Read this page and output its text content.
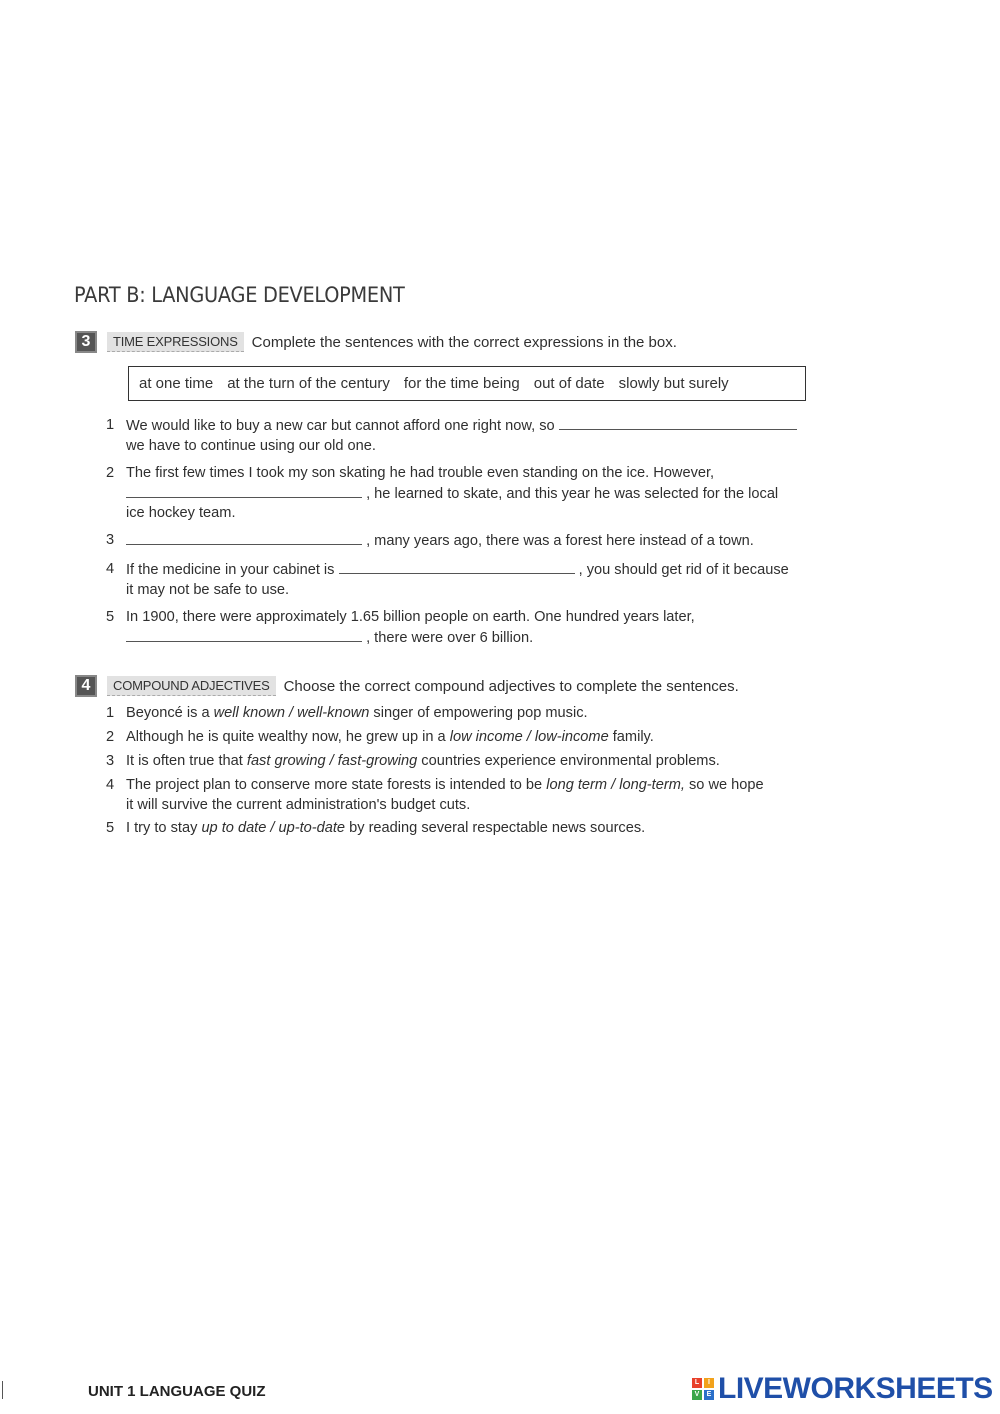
PART B: LANGUAGE DEVELOPMENT
3	TIME EXPRESSIONS Complete the sentences with the correct expressions in the box.
at one time at the turn of the century for the time being out of date slowly but surely
1 We would like to buy a new car but cannot afford one right now, so
we have to continue using our old one.
2 The first few times I took my son skating he had trouble even standing on the ice. However,
, he learned to skate, and this year he was selected for the local
ice hockey team.
3	, many years ago, there was a forest here instead of a town.
4 If the medicine in your cabinet is	, you should get rid of it because
it may not be safe to use.
5 In 1900, there were approximately 1.65 billion people on earth. One hundred years later,
, there were over 6 billion.
4	COMPOUND ADJECTIVES Choose the correct compound adjectives to complete the sentences.
1 Beyoncé is a well known / well-known singer of empowering pop music.
2 Although he is quite wealthy now, he grew up in a low income / low-income family.
3 It is often true that fast growing / fast-growing countries experience environmental problems.
4 The project plan to conserve more state forests is intended to be long term / long-term, so we hope
it will survive the current administration's budget cuts.
5 I try to stay up to date / up-to-date by reading several respectable news sources.
UNIT 1 LANGUAGE QUIZ
L	I
V	E LIVEWORKSHEETS
